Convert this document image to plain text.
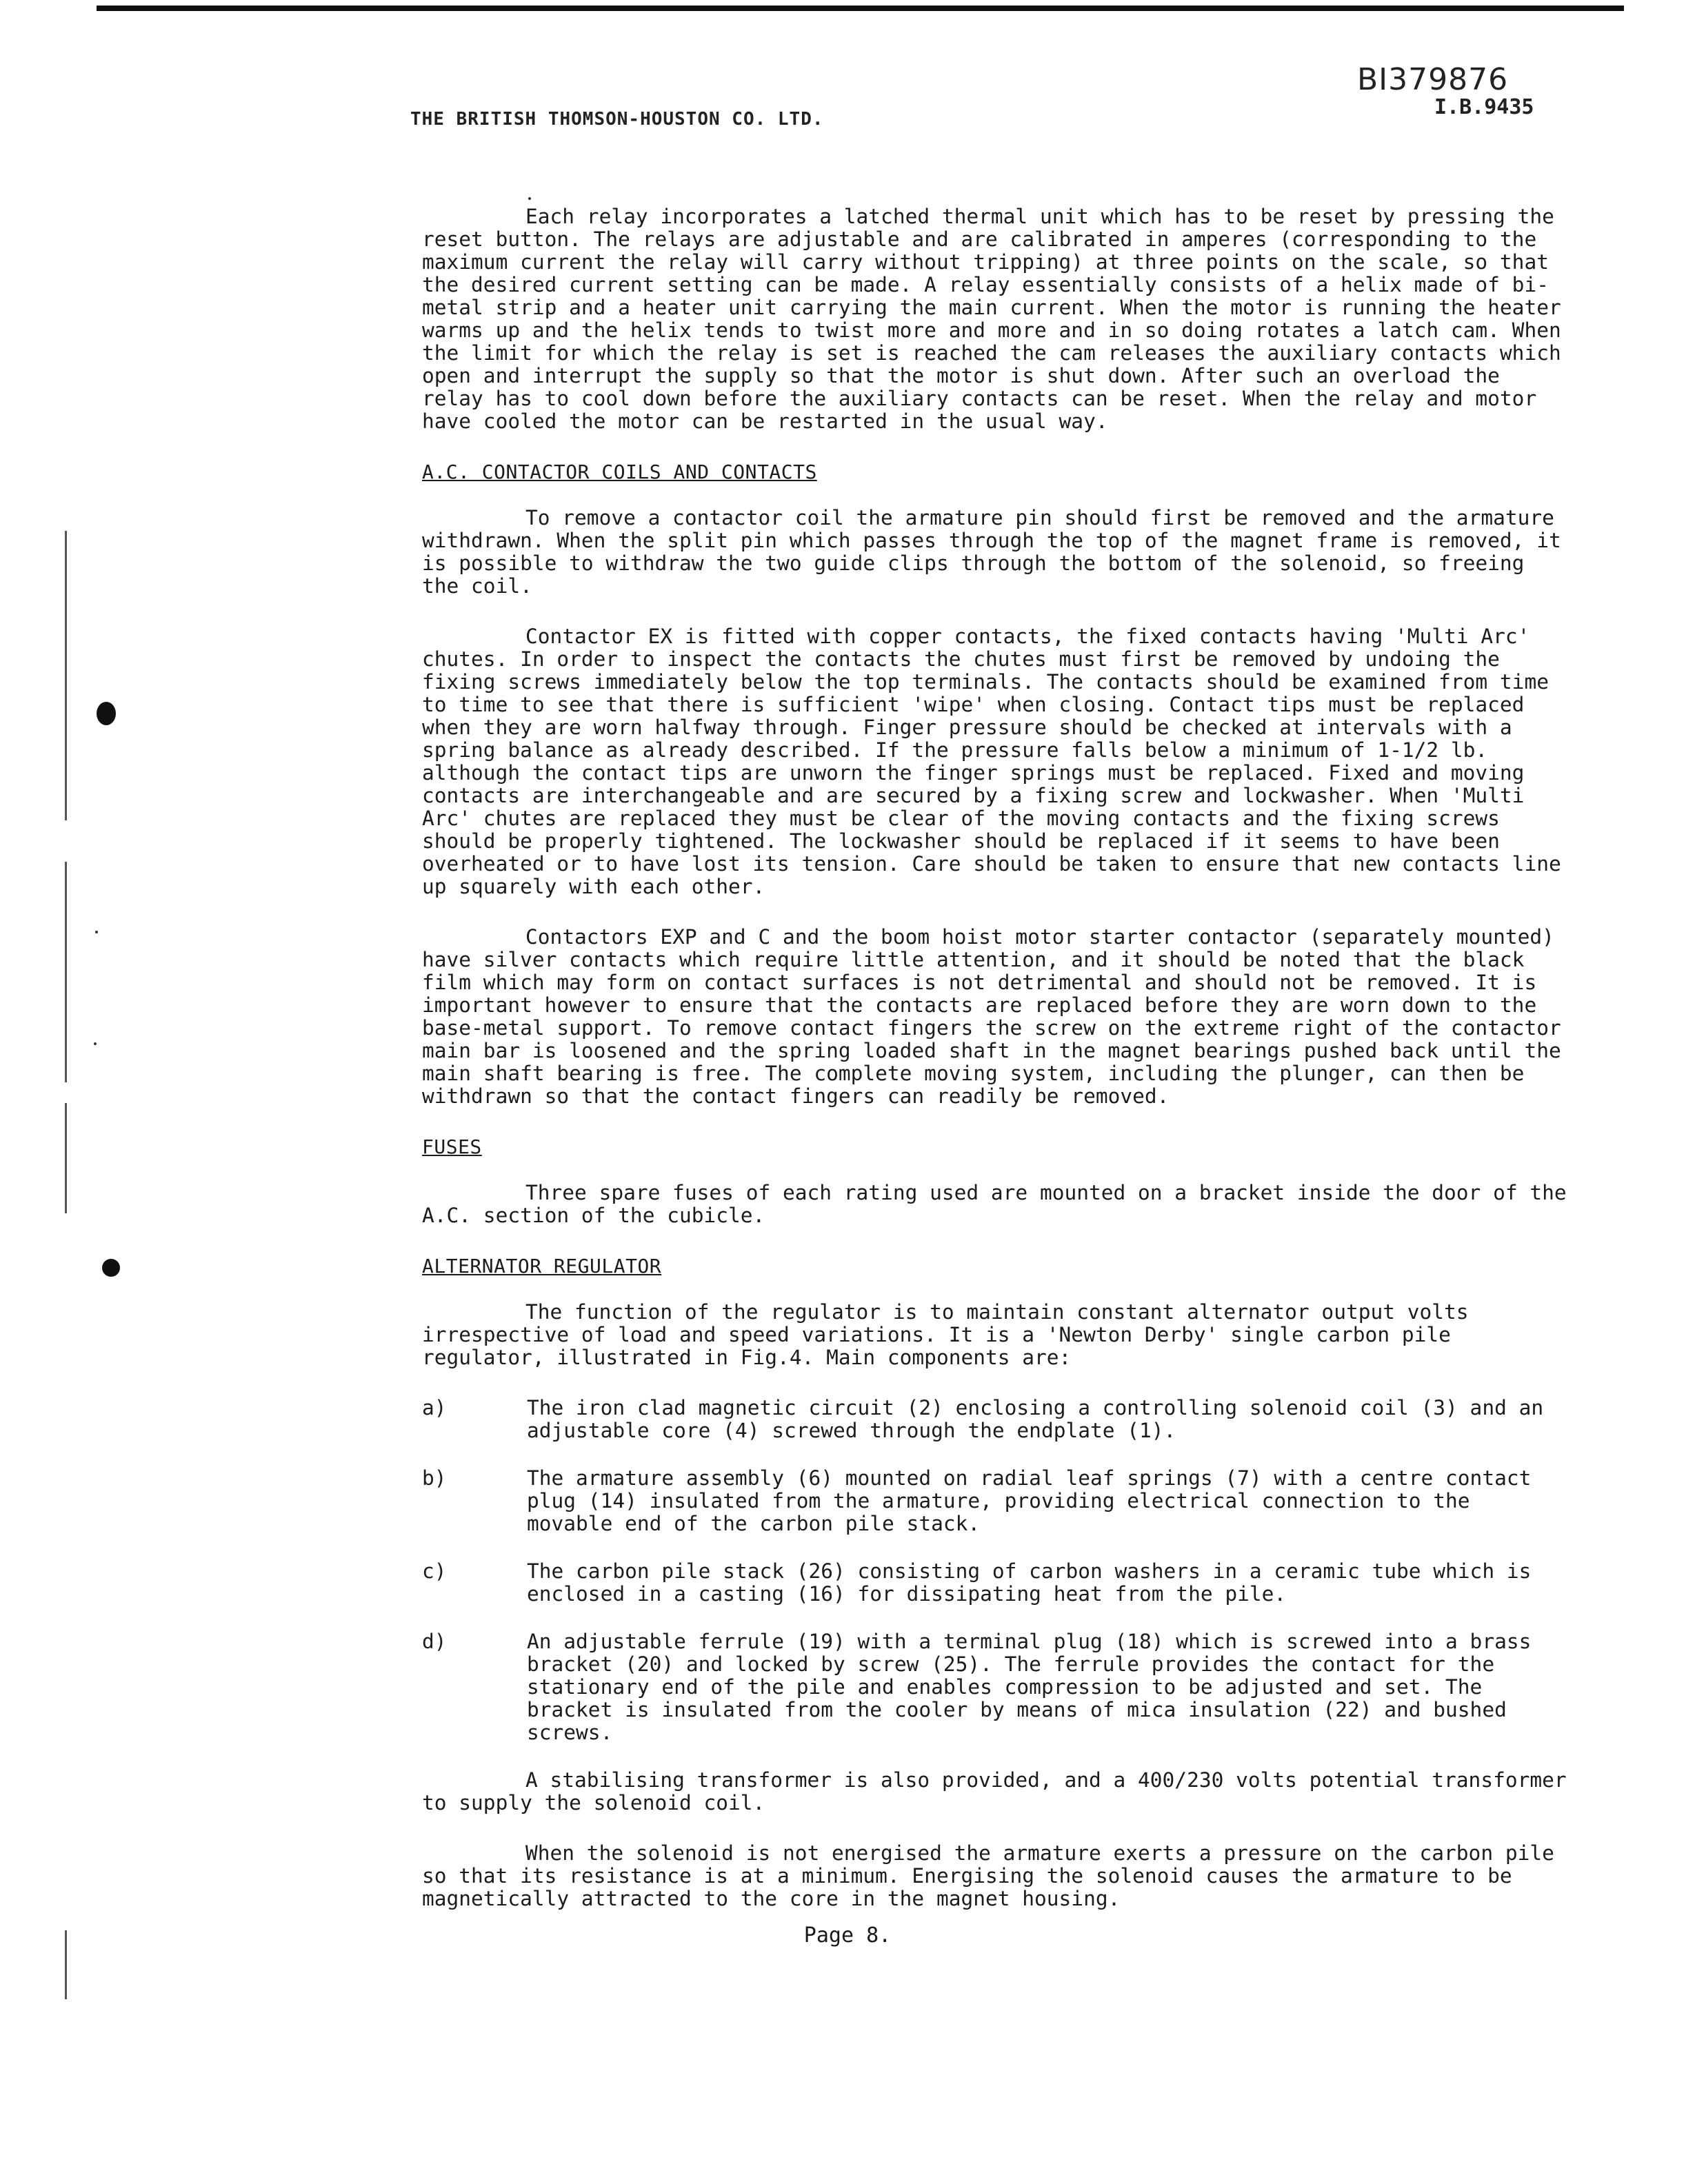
BI379876
I.B.9435
THE BRITISH THOMSON-HOUSTON CO. LTD.

Each relay incorporates a latched thermal unit which has to be reset by pressing the reset button. The relays are adjustable and are calibrated in amperes (corresponding to the maximum current the relay will carry without tripping) at three points on the scale, so that the desired current setting can be made. A relay essentially consists of a helix made of bi-metal strip and a heater unit carrying the main current. When the motor is running the heater warms up and the helix tends to twist more and more and in so doing rotates a latch cam. When the limit for which the relay is set is reached the cam releases the auxiliary contacts which open and interrupt the supply so that the motor is shut down. After such an overload the relay has to cool down before the auxiliary contacts can be reset. When the relay and motor have cooled the motor can be restarted in the usual way.

A.C. CONTACTOR COILS AND CONTACTS

To remove a contactor coil the armature pin should first be removed and the armature withdrawn. When the split pin which passes through the top of the magnet frame is removed, it is possible to withdraw the two guide clips through the bottom of the solenoid, so freeing the coil.

Contactor EX is fitted with copper contacts, the fixed contacts having 'Multi Arc' chutes. In order to inspect the contacts the chutes must first be removed by undoing the fixing screws immediately below the top terminals. The contacts should be examined from time to time to see that there is sufficient 'wipe' when closing. Contact tips must be replaced when they are worn halfway through. Finger pressure should be checked at intervals with a spring balance as already described. If the pressure falls below a minimum of 1-1/2 lb. although the contact tips are unworn the finger springs must be replaced. Fixed and moving contacts are interchangeable and are secured by a fixing screw and lockwasher. When 'Multi Arc' chutes are replaced they must be clear of the moving contacts and the fixing screws should be properly tightened. The lockwasher should be replaced if it seems to have been overheated or to have lost its tension. Care should be taken to ensure that new contacts line up squarely with each other.

Contactors EXP and C and the boom hoist motor starter contactor (separately mounted) have silver contacts which require little attention, and it should be noted that the black film which may form on contact surfaces is not detrimental and should not be removed. It is important however to ensure that the contacts are replaced before they are worn down to the base-metal support. To remove contact fingers the screw on the extreme right of the contactor main bar is loosened and the spring loaded shaft in the magnet bearings pushed back until the main shaft bearing is free. The complete moving system, including the plunger, can then be withdrawn so that the contact fingers can readily be removed.

FUSES

Three spare fuses of each rating used are mounted on a bracket inside the door of the A.C. section of the cubicle.

ALTERNATOR REGULATOR

The function of the regulator is to maintain constant alternator output volts irrespective of load and speed variations. It is a 'Newton Derby' single carbon pile regulator, illustrated in Fig.4. Main components are:

a)	The iron clad magnetic circuit (2) enclosing a controlling solenoid coil (3) and an adjustable core (4) screwed through the endplate (1).
b)	The armature assembly (6) mounted on radial leaf springs (7) with a centre contact plug (14) insulated from the armature, providing electrical connection to the movable end of the carbon pile stack.
c)	The carbon pile stack (26) consisting of carbon washers in a ceramic tube which is enclosed in a casting (16) for dissipating heat from the pile.
d)	An adjustable ferrule (19) with a terminal plug (18) which is screwed into a brass bracket (20) and locked by screw (25). The ferrule provides the contact for the stationary end of the pile and enables compression to be adjusted and set. The bracket is insulated from the cooler by means of mica insulation (22) and bushed screws.

A stabilising transformer is also provided, and a 400/230 volts potential transformer to supply the solenoid coil.

When the solenoid is not energised the armature exerts a pressure on the carbon pile so that its resistance is at a minimum. Energising the solenoid causes the armature to be magnetically attracted to the core in the magnet housing.

Page 8.
